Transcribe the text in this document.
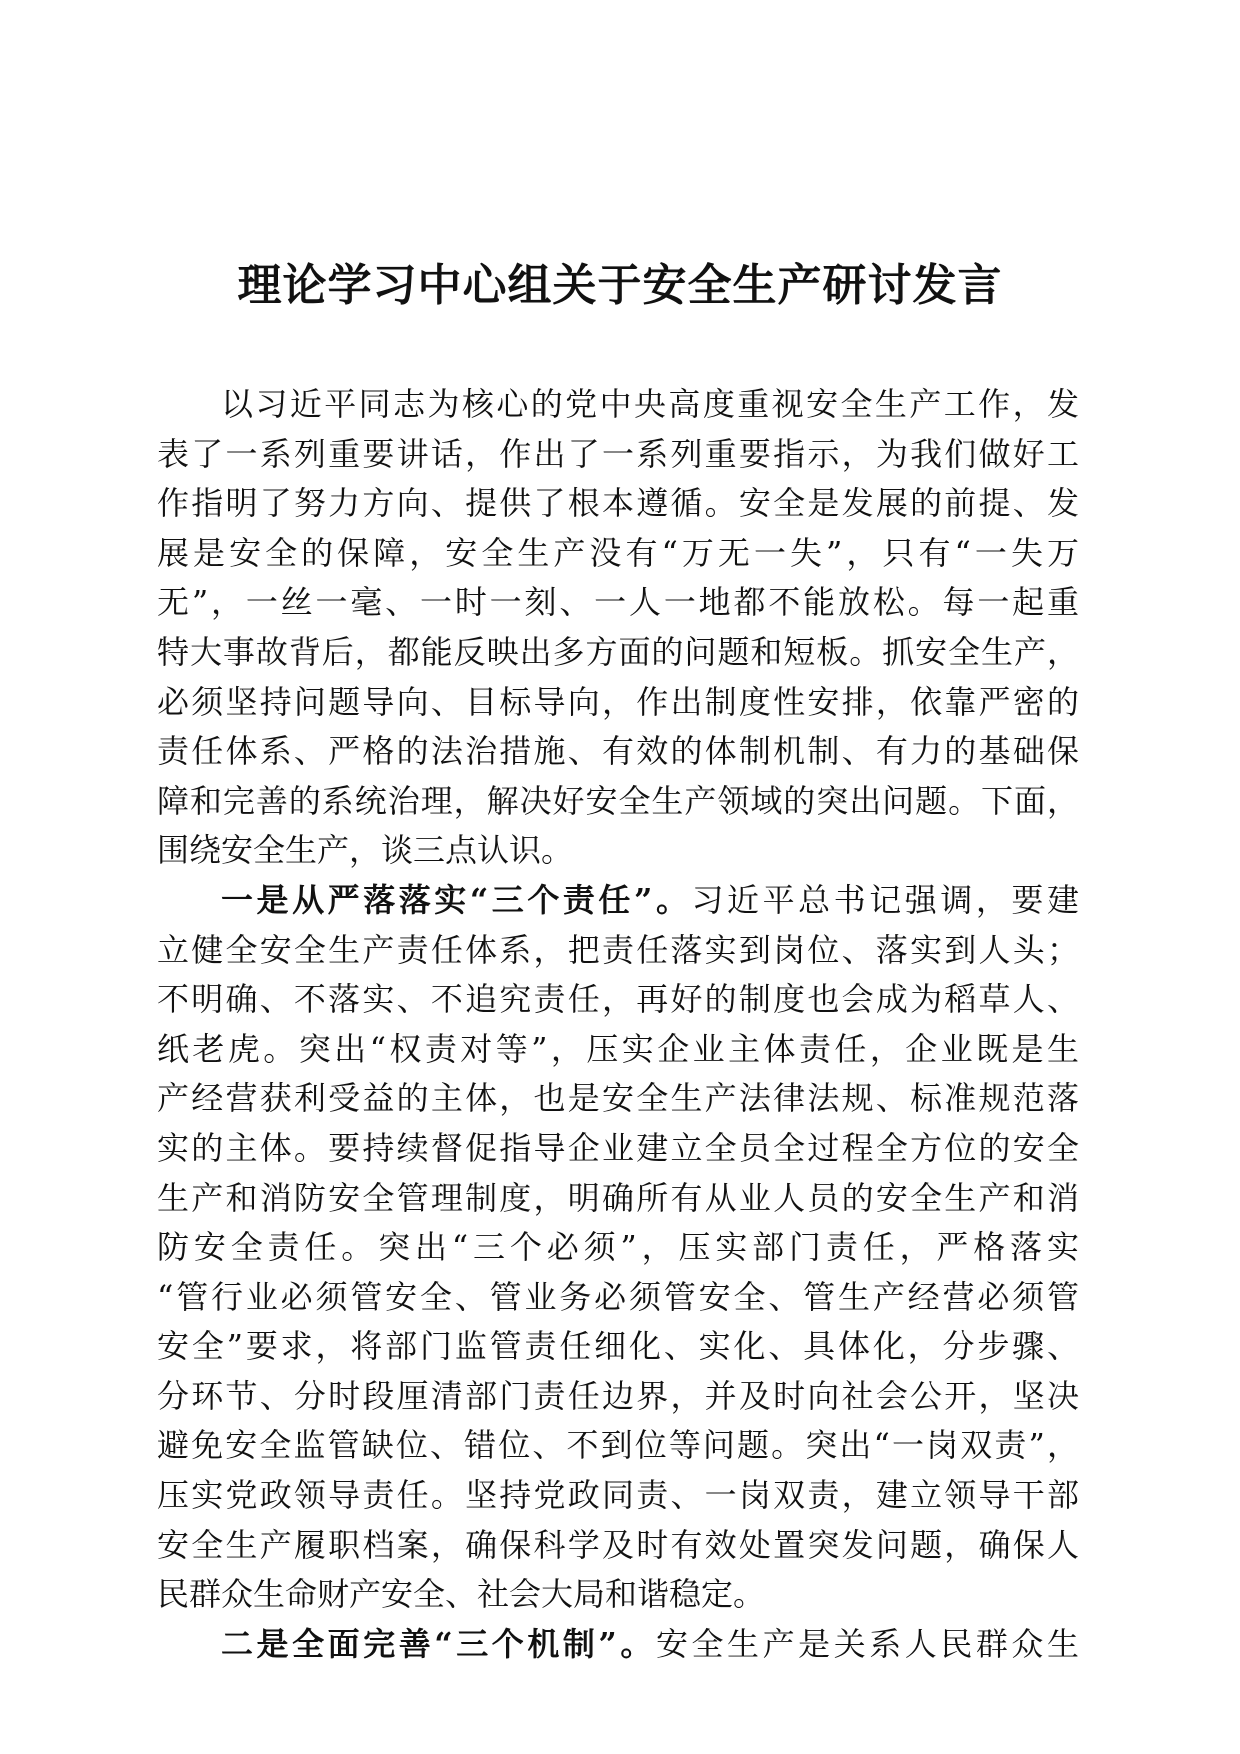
理论学习中心组关于安全生产研讨发言
以习近平同志为核心的党中央高度重视安全生产工作，发
表了一系列重要讲话，作出了一系列重要指示，为我们做好工
作指明了努力方向、提供了根本遵循。安全是发展的前提、发
展是安全的保障，安全生产没有“万无一失”，只有“一失万
无”，一丝一毫、一时一刻、一人一地都不能放松。每一起重
特大事故背后，都能反映出多方面的问题和短板。抓安全生产，
必须坚持问题导向、目标导向，作出制度性安排，依靠严密的
责任体系、严格的法治措施、有效的体制机制、有力的基础保
障和完善的系统治理，解决好安全生产领域的突出问题。下面，
围绕安全生产，谈三点认识。
一是从严落落实“三个责任”。习近平总书记强调，要建
立健全安全生产责任体系，把责任落实到岗位、落实到人头；
不明确、不落实、不追究责任，再好的制度也会成为稻草人、
纸老虎。突出“权责对等”，压实企业主体责任，企业既是生
产经营获利受益的主体，也是安全生产法律法规、标准规范落
实的主体。要持续督促指导企业建立全员全过程全方位的安全
生产和消防安全管理制度，明确所有从业人员的安全生产和消
防安全责任。突出“三个必须”，压实部门责任，严格落实
“管行业必须管安全、管业务必须管安全、管生产经营必须管
安全”要求，将部门监管责任细化、实化、具体化，分步骤、
分环节、分时段厘清部门责任边界，并及时向社会公开，坚决
避免安全监管缺位、错位、不到位等问题。突出“一岗双责”，
压实党政领导责任。坚持党政同责、一岗双责，建立领导干部
安全生产履职档案，确保科学及时有效处置突发问题，确保人
民群众生命财产安全、社会大局和谐稳定。
二是全面完善“三个机制”。安全生产是关系人民群众生
